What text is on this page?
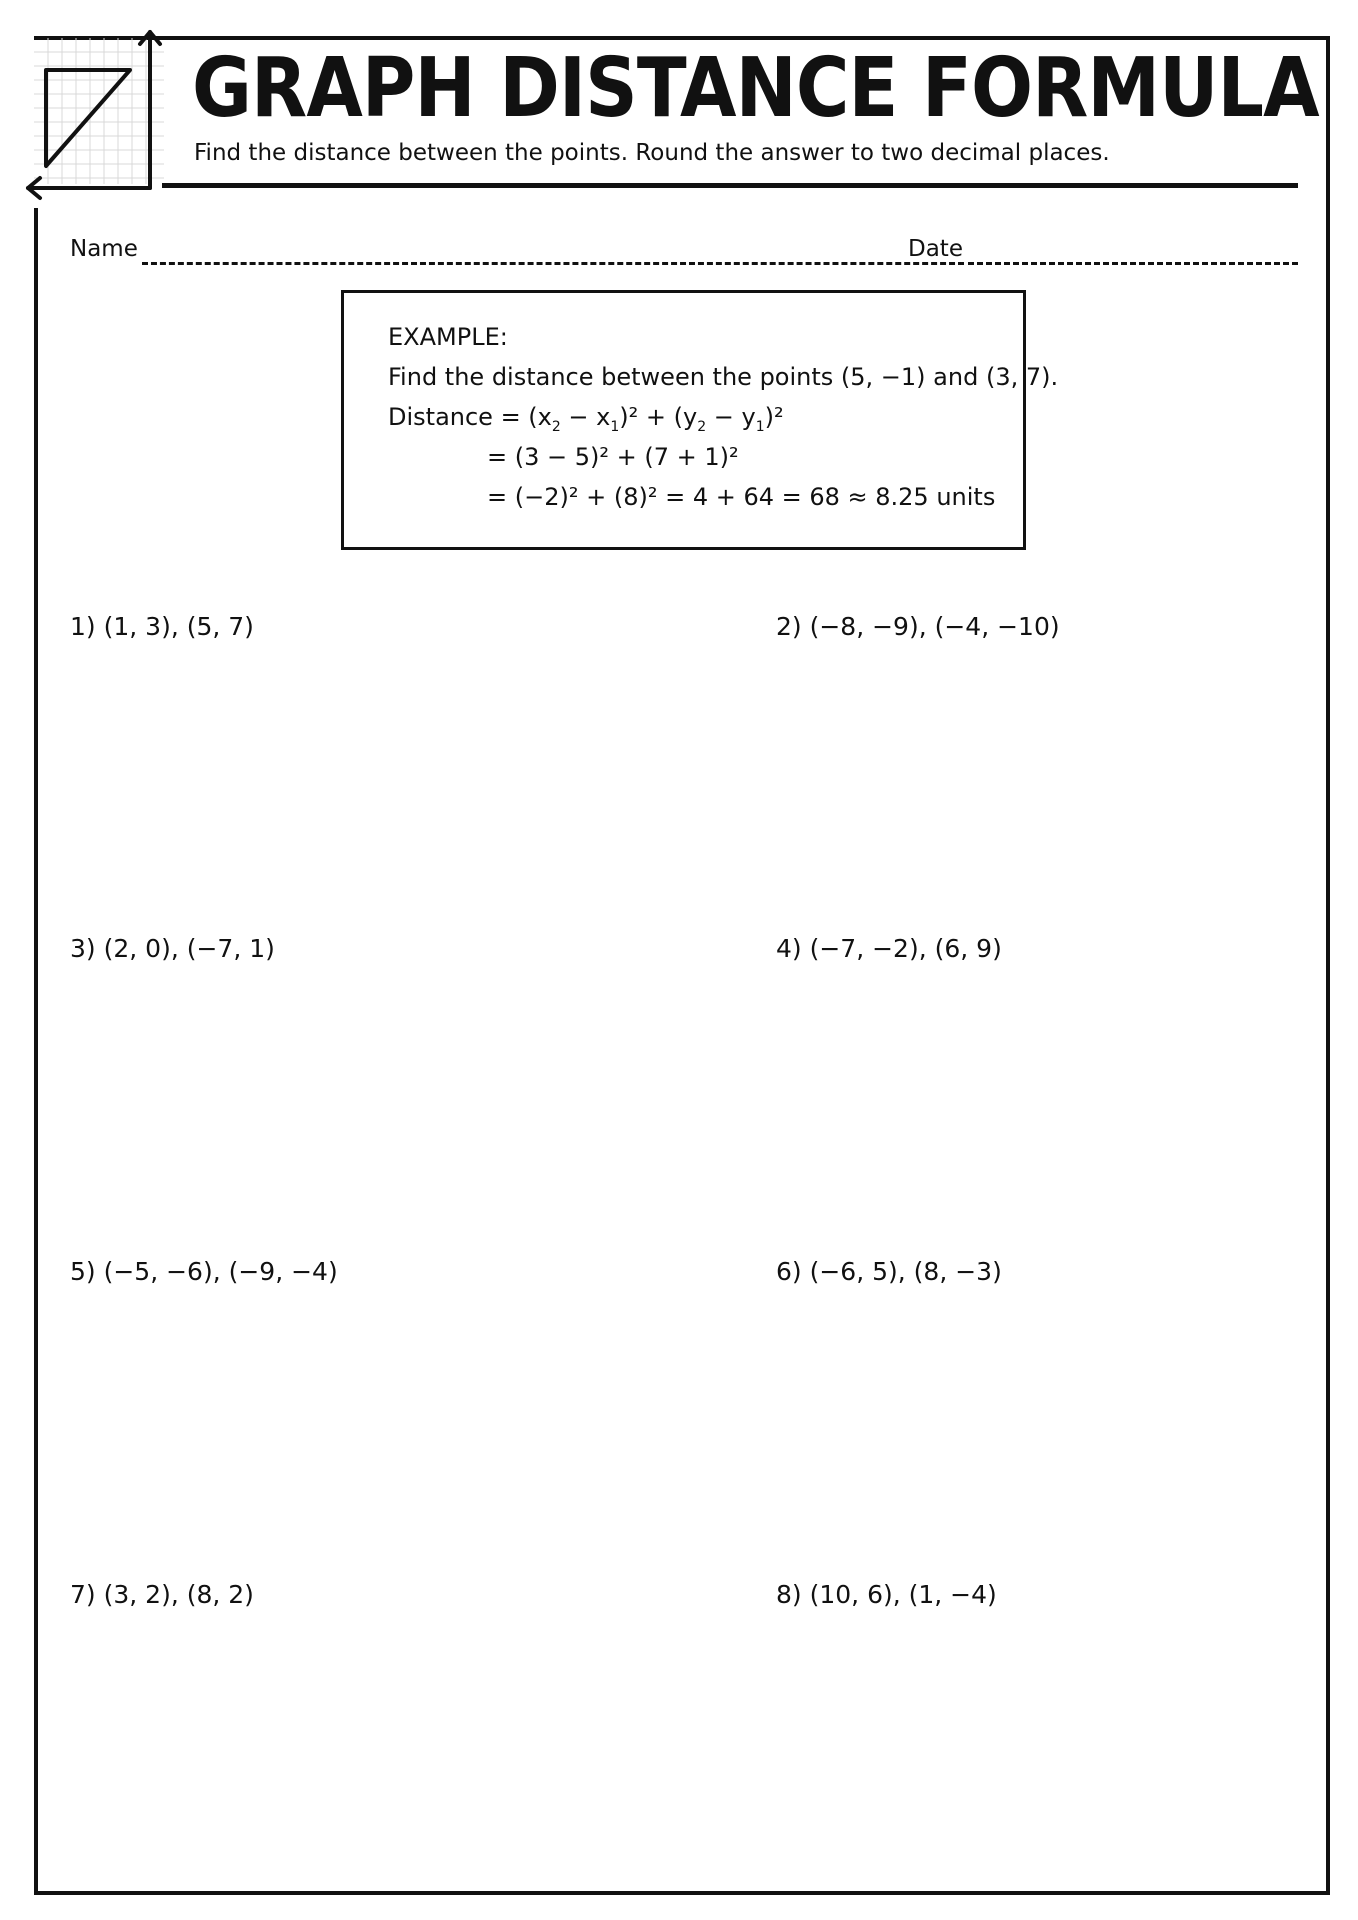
GRAPH DISTANCE FORMULA
Find the distance between the points. Round the answer to two decimal places.
Name	Date
EXAMPLE:
Find the distance between the points (5, −1) and (3, 7).
Distance = $(x_2 - x_1)^2 + (y_2 - y_1)^2$
= (3 − 5)² + (7 + 1)²
= (−2)² + (8)² = 4 + 64 = 68 ≈ 8.25 units
1) (1, 3), (5, 7)	2) (−8, −9), (−4, −10)
3) (2, 0), (−7, 1)	4) (−7, −2), (6, 9)
5) (−5, −6), (−9, −4)	6) (−6, 5), (8, −3)
7) (3, 2), (8, 2)	8) (10, 6), (1, −4)
